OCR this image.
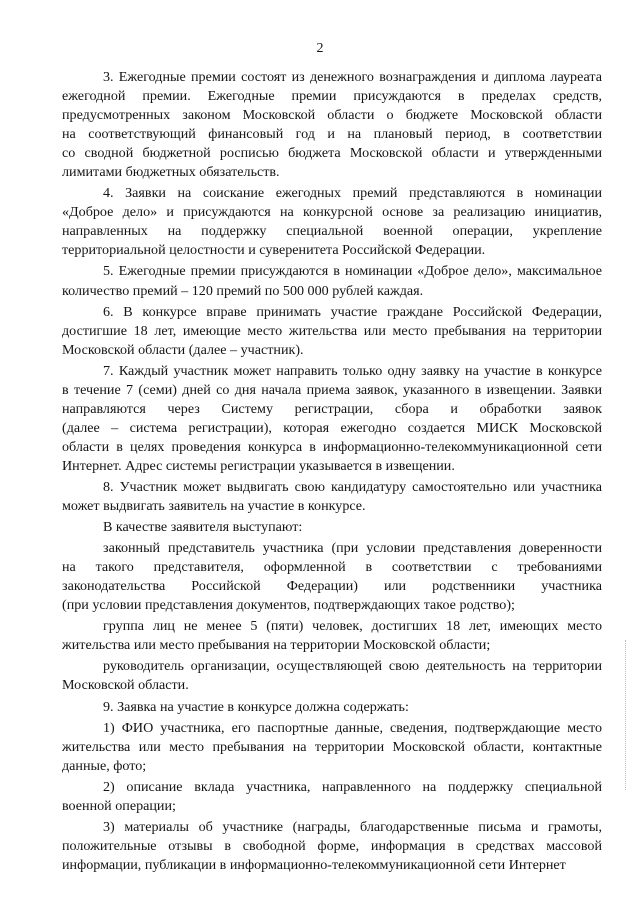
2
3. Ежегодные премии состоят из денежного вознаграждения и диплома лауреата
ежегодной премии. Ежегодные премии присуждаются в пределах средств,
предусмотренных законом Московской области о бюджете Московской области
на соответствующий финансовый год и на плановый период, в соответствии
со сводной бюджетной росписью бюджета Московской области и утвержденными
лимитами бюджетных обязательств.
4. Заявки на соискание ежегодных премий представляются в номинации
«Доброе дело» и присуждаются на конкурсной основе за реализацию инициатив,
направленных на поддержку специальной военной операции, укрепление
территориальной целостности и суверенитета Российской Федерации.
5. Ежегодные премии присуждаются в номинации «Доброе дело», максимальное
количество премий – 120 премий по 500 000 рублей каждая.
6. В конкурсе вправе принимать участие граждане Российской Федерации,
достигшие 18 лет, имеющие место жительства или место пребывания на территории
Московской области (далее – участник).
7. Каждый участник может направить только одну заявку на участие в конкурсе
в течение 7 (семи) дней со дня начала приема заявок, указанного в извещении. Заявки
направляются через Систему регистрации, сбора и обработки заявок
(далее – система регистрации), которая ежегодно создается МИСК Московской
области в целях проведения конкурса в информационно-телекоммуникационной сети
Интернет. Адрес системы регистрации указывается в извещении.
8. Участник может выдвигать свою кандидатуру самостоятельно или участника
может выдвигать заявитель на участие в конкурсе.
В качестве заявителя выступают:
законный представитель участника (при условии представления доверенности
на такого представителя, оформленной в соответствии с требованиями
законодательства Российской Федерации) или родственники участника
(при условии представления документов, подтверждающих такое родство);
группа лиц не менее 5 (пяти) человек, достигших 18 лет, имеющих место
жительства или место пребывания на территории Московской области;
руководитель организации, осуществляющей свою деятельность на территории
Московской области.
9. Заявка на участие в конкурсе должна содержать:
1) ФИО участника, его паспортные данные, сведения, подтверждающие место
жительства или место пребывания на территории Московской области, контактные
данные, фото;
2) описание вклада участника, направленного на поддержку специальной
военной операции;
3) материалы об участнике (награды, благодарственные письма и грамоты,
положительные отзывы в свободной форме, информация в средствах массовой
информации, публикации в информационно-телекоммуникационной сети Интернет
